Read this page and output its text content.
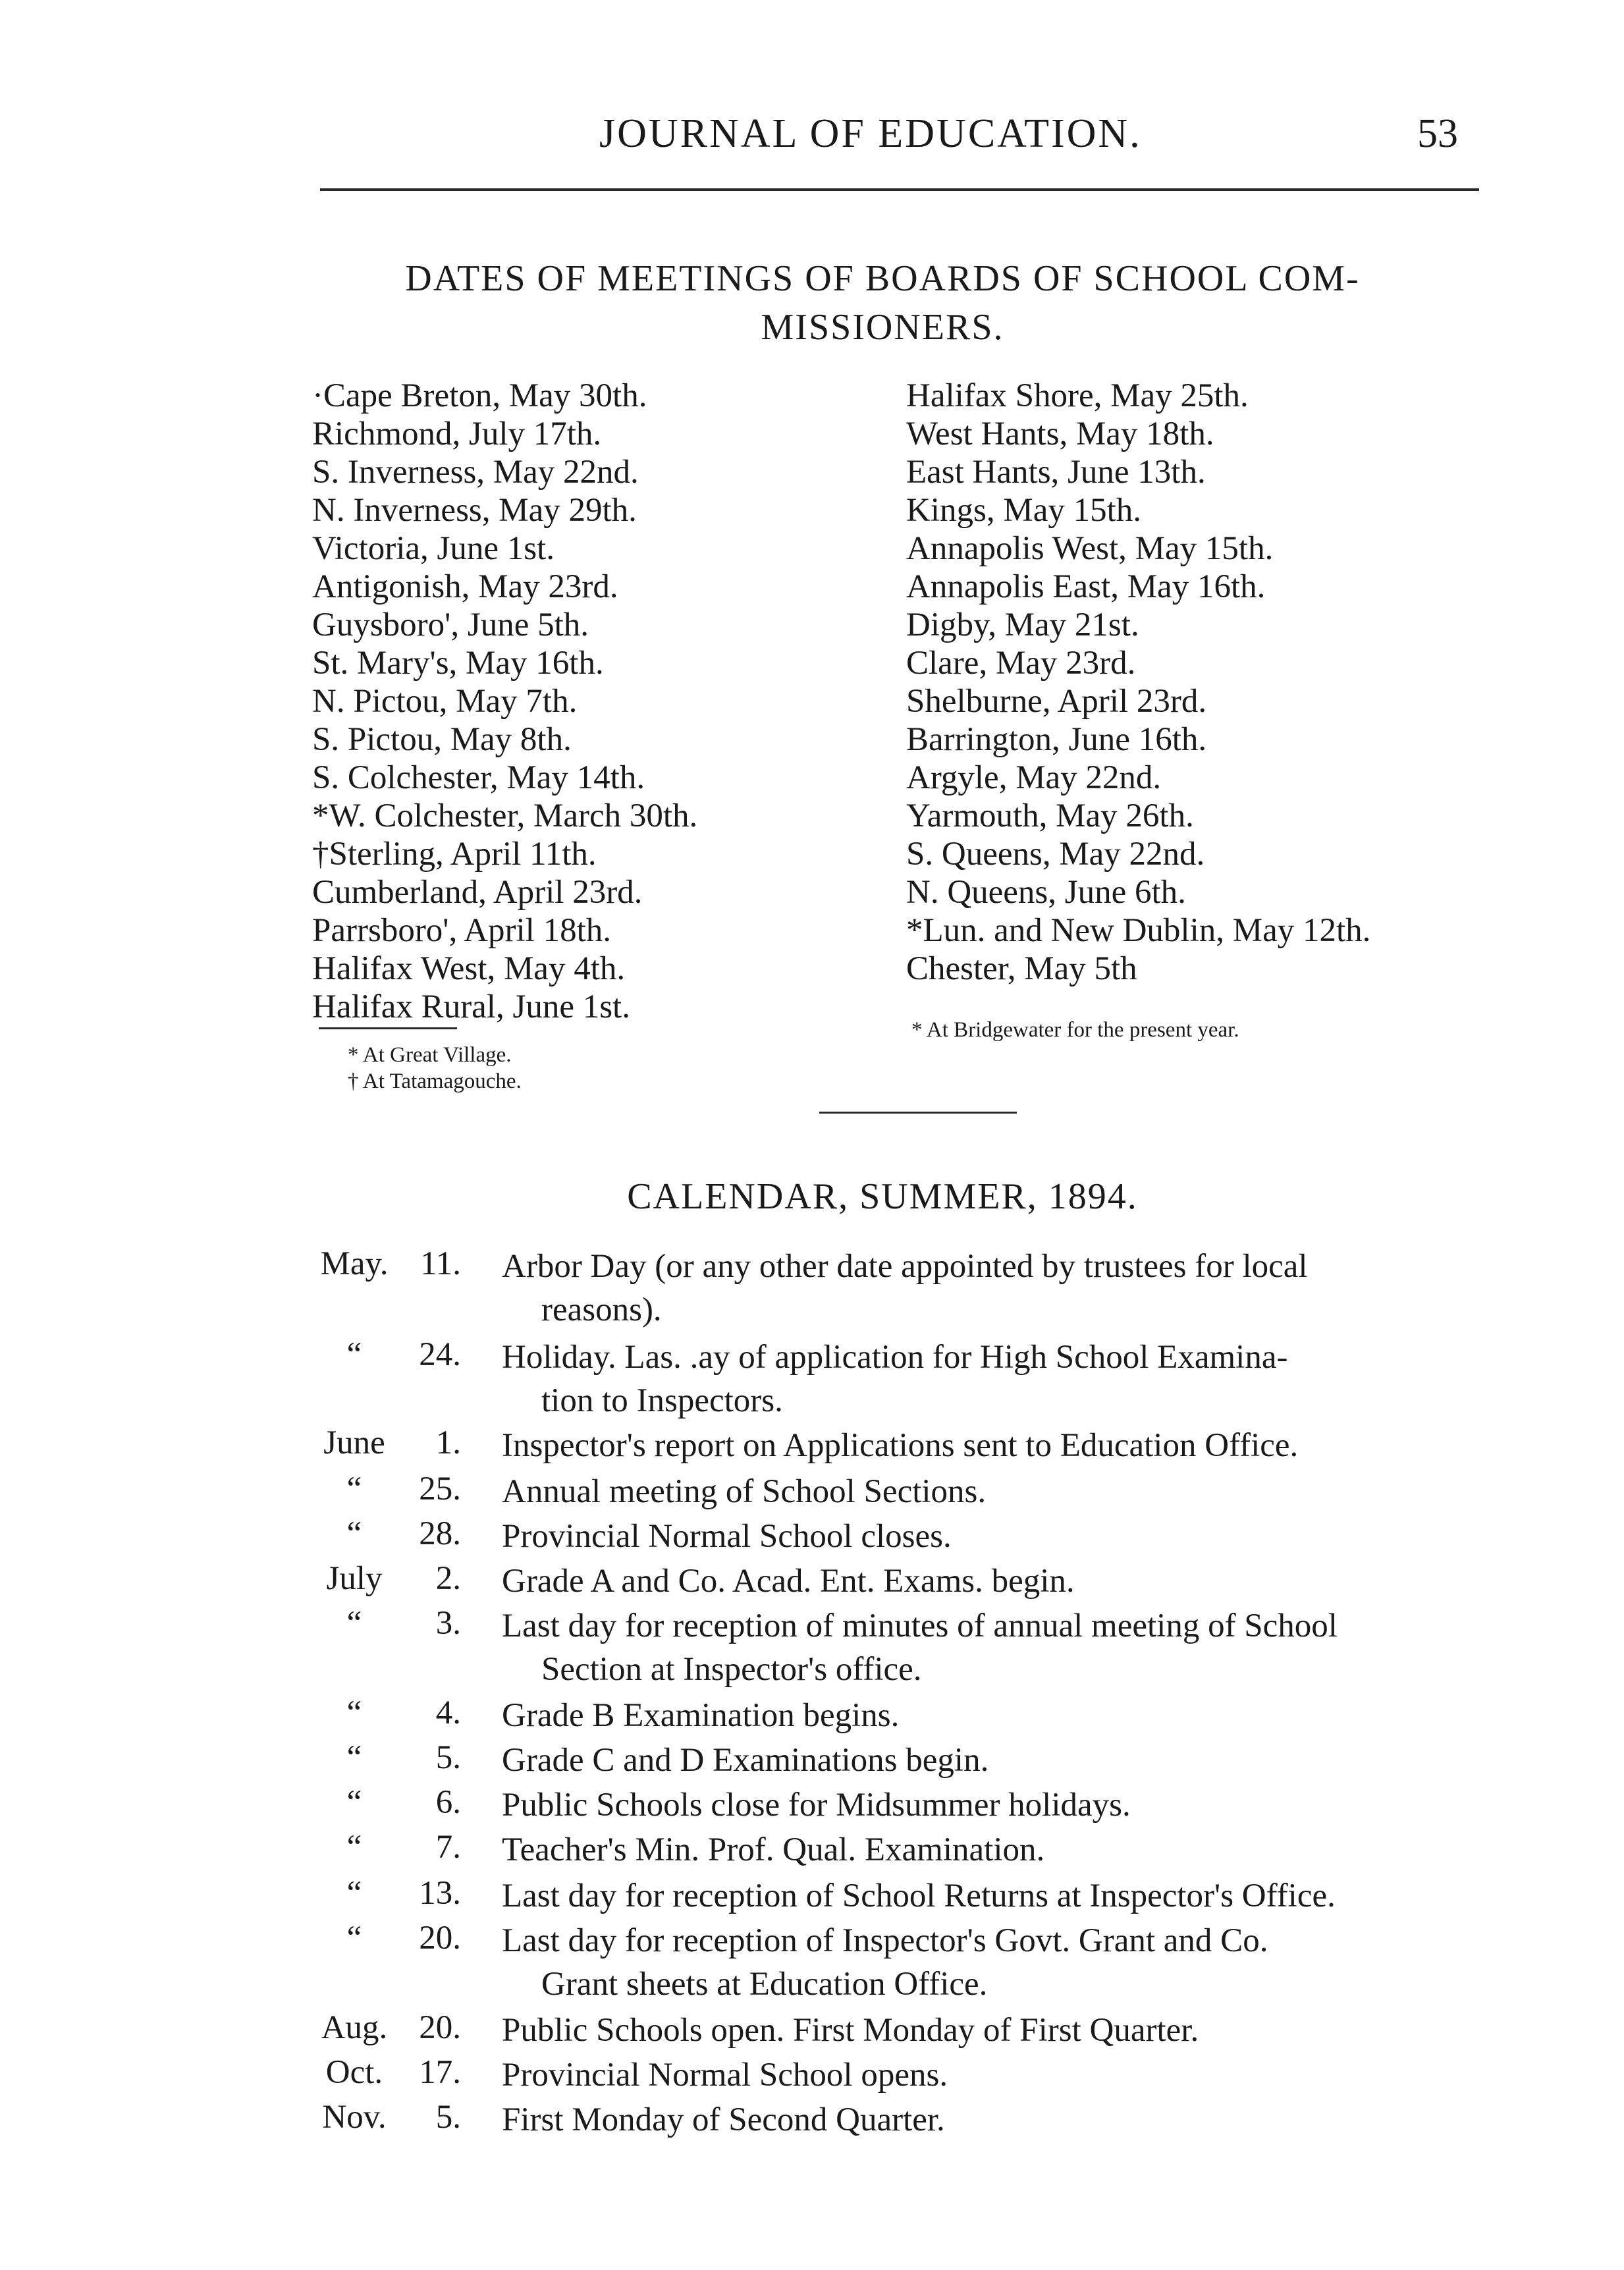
JOURNAL OF EDUCATION.	53
DATES OF MEETINGS OF BOARDS OF SCHOOL COM-
MISSIONERS.
·Cape Breton, May 30th.
Richmond, July 17th.
S. Inverness, May 22nd.
N. Inverness, May 29th.
Victoria, June 1st.
Antigonish, May 23rd.
Guysboro', June 5th.
St. Mary's, May 16th.
N. Pictou, May 7th.
S. Pictou, May 8th.
S. Colchester, May 14th.
*W. Colchester, March 30th.
†Sterling, April 11th.
Cumberland, April 23rd.
Parrsboro', April 18th.
Halifax West, May 4th.
Halifax Rural, June 1st.
Halifax Shore, May 25th.
West Hants, May 18th.
East Hants, June 13th.
Kings, May 15th.
Annapolis West, May 15th.
Annapolis East, May 16th.
Digby, May 21st.
Clare, May 23rd.
Shelburne, April 23rd.
Barrington, June 16th.
Argyle, May 22nd.
Yarmouth, May 26th.
S. Queens, May 22nd.
N. Queens, June 6th.
*Lun. and New Dublin, May 12th.
Chester, May 5th
* At Great Village.
† At Tatamagouche.
* At Bridgewater for the present year.
CALENDAR, SUMMER, 1894.
May. 11. Arbor Day (or any other date appointed by trustees for local
reasons).
“	24. Holiday. Las. .ay of application for High School Examina-
tion to Inspectors.
June	1. Inspector's report on Applications sent to Education Office.
“	25. Annual meeting of School Sections.
“	28. Provincial Normal School closes.
July	2. Grade A and Co. Acad. Ent. Exams. begin.
“	3. Last day for reception of minutes of annual meeting of School
Section at Inspector's office.
“	4. Grade B Examination begins.
“	5. Grade C and D Examinations begin.
“	6. Public Schools close for Midsummer holidays.
“	7. Teacher's Min. Prof. Qual. Examination.
“	13. Last day for reception of School Returns at Inspector's Office.
“	20. Last day for reception of Inspector's Govt. Grant and Co.
Grant sheets at Education Office.
Aug. 20. Public Schools open. First Monday of First Quarter.
Oct.	17. Provincial Normal School opens.
Nov.	5. First Monday of Second Quarter.
